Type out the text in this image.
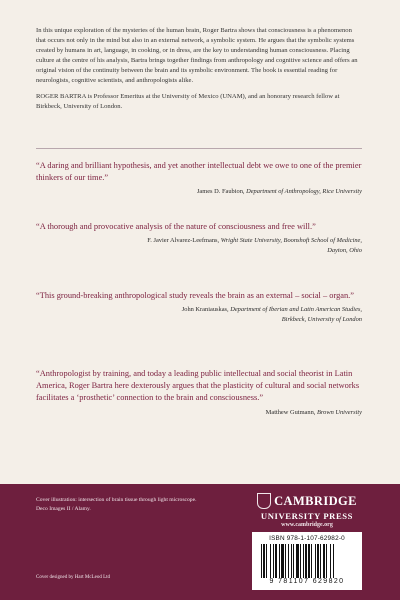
In this unique exploration of the mysteries of the human brain, Roger Bartra shows that consciousness is a phenomenon that occurs not only in the mind but also in an external network, a symbolic system. He argues that the symbolic systems created by humans in art, language, in cooking, or in dress, are the key to understanding human consciousness. Placing culture at the centre of his analysis, Bartra brings together findings from anthropology and cognitive science and offers an original vision of the continuity between the brain and its symbolic environment. The book is essential reading for neurologists, cognitive scientists, and anthropologists alike.

ROGER BARTRA is Professor Emeritus at the University of Mexico (UNAM), and an honorary research fellow at Birkbeck, University of London.

“A daring and brilliant hypothesis, and yet another intellectual debt we owe to one of the premier thinkers of our time.”

James D. Faubion, Department of Anthropology, Rice University

“A thorough and provocative analysis of the nature of consciousness and free will.”

F. Javier Alvarez-Leefmans, Wright State University, Boonshoft School of Medicine,
Dayton, Ohio

“This ground-breaking anthropological study reveals the brain as an external – social – organ.”

John Kraniauskas, Department of Iberian and Latin American Studies,
Birkbeck, University of London

“Anthropologist by training, and today a leading public intellectual and social theorist in Latin America, Roger Bartra here dexterously argues that the plasticity of cultural and social networks facilitates a ‘prosthetic’ connection to the brain and consciousness.”

Matthew Gutmann, Brown University

Cover illustration: intersection of brain tissue through light microscope. Deco Images II / Alamy.
Cover designed by Hart McLeod Ltd
CAMBRIDGE
UNIVERSITY PRESS
www.cambridge.org
ISBN 978-1-107-62982-0
9 781107 629820
